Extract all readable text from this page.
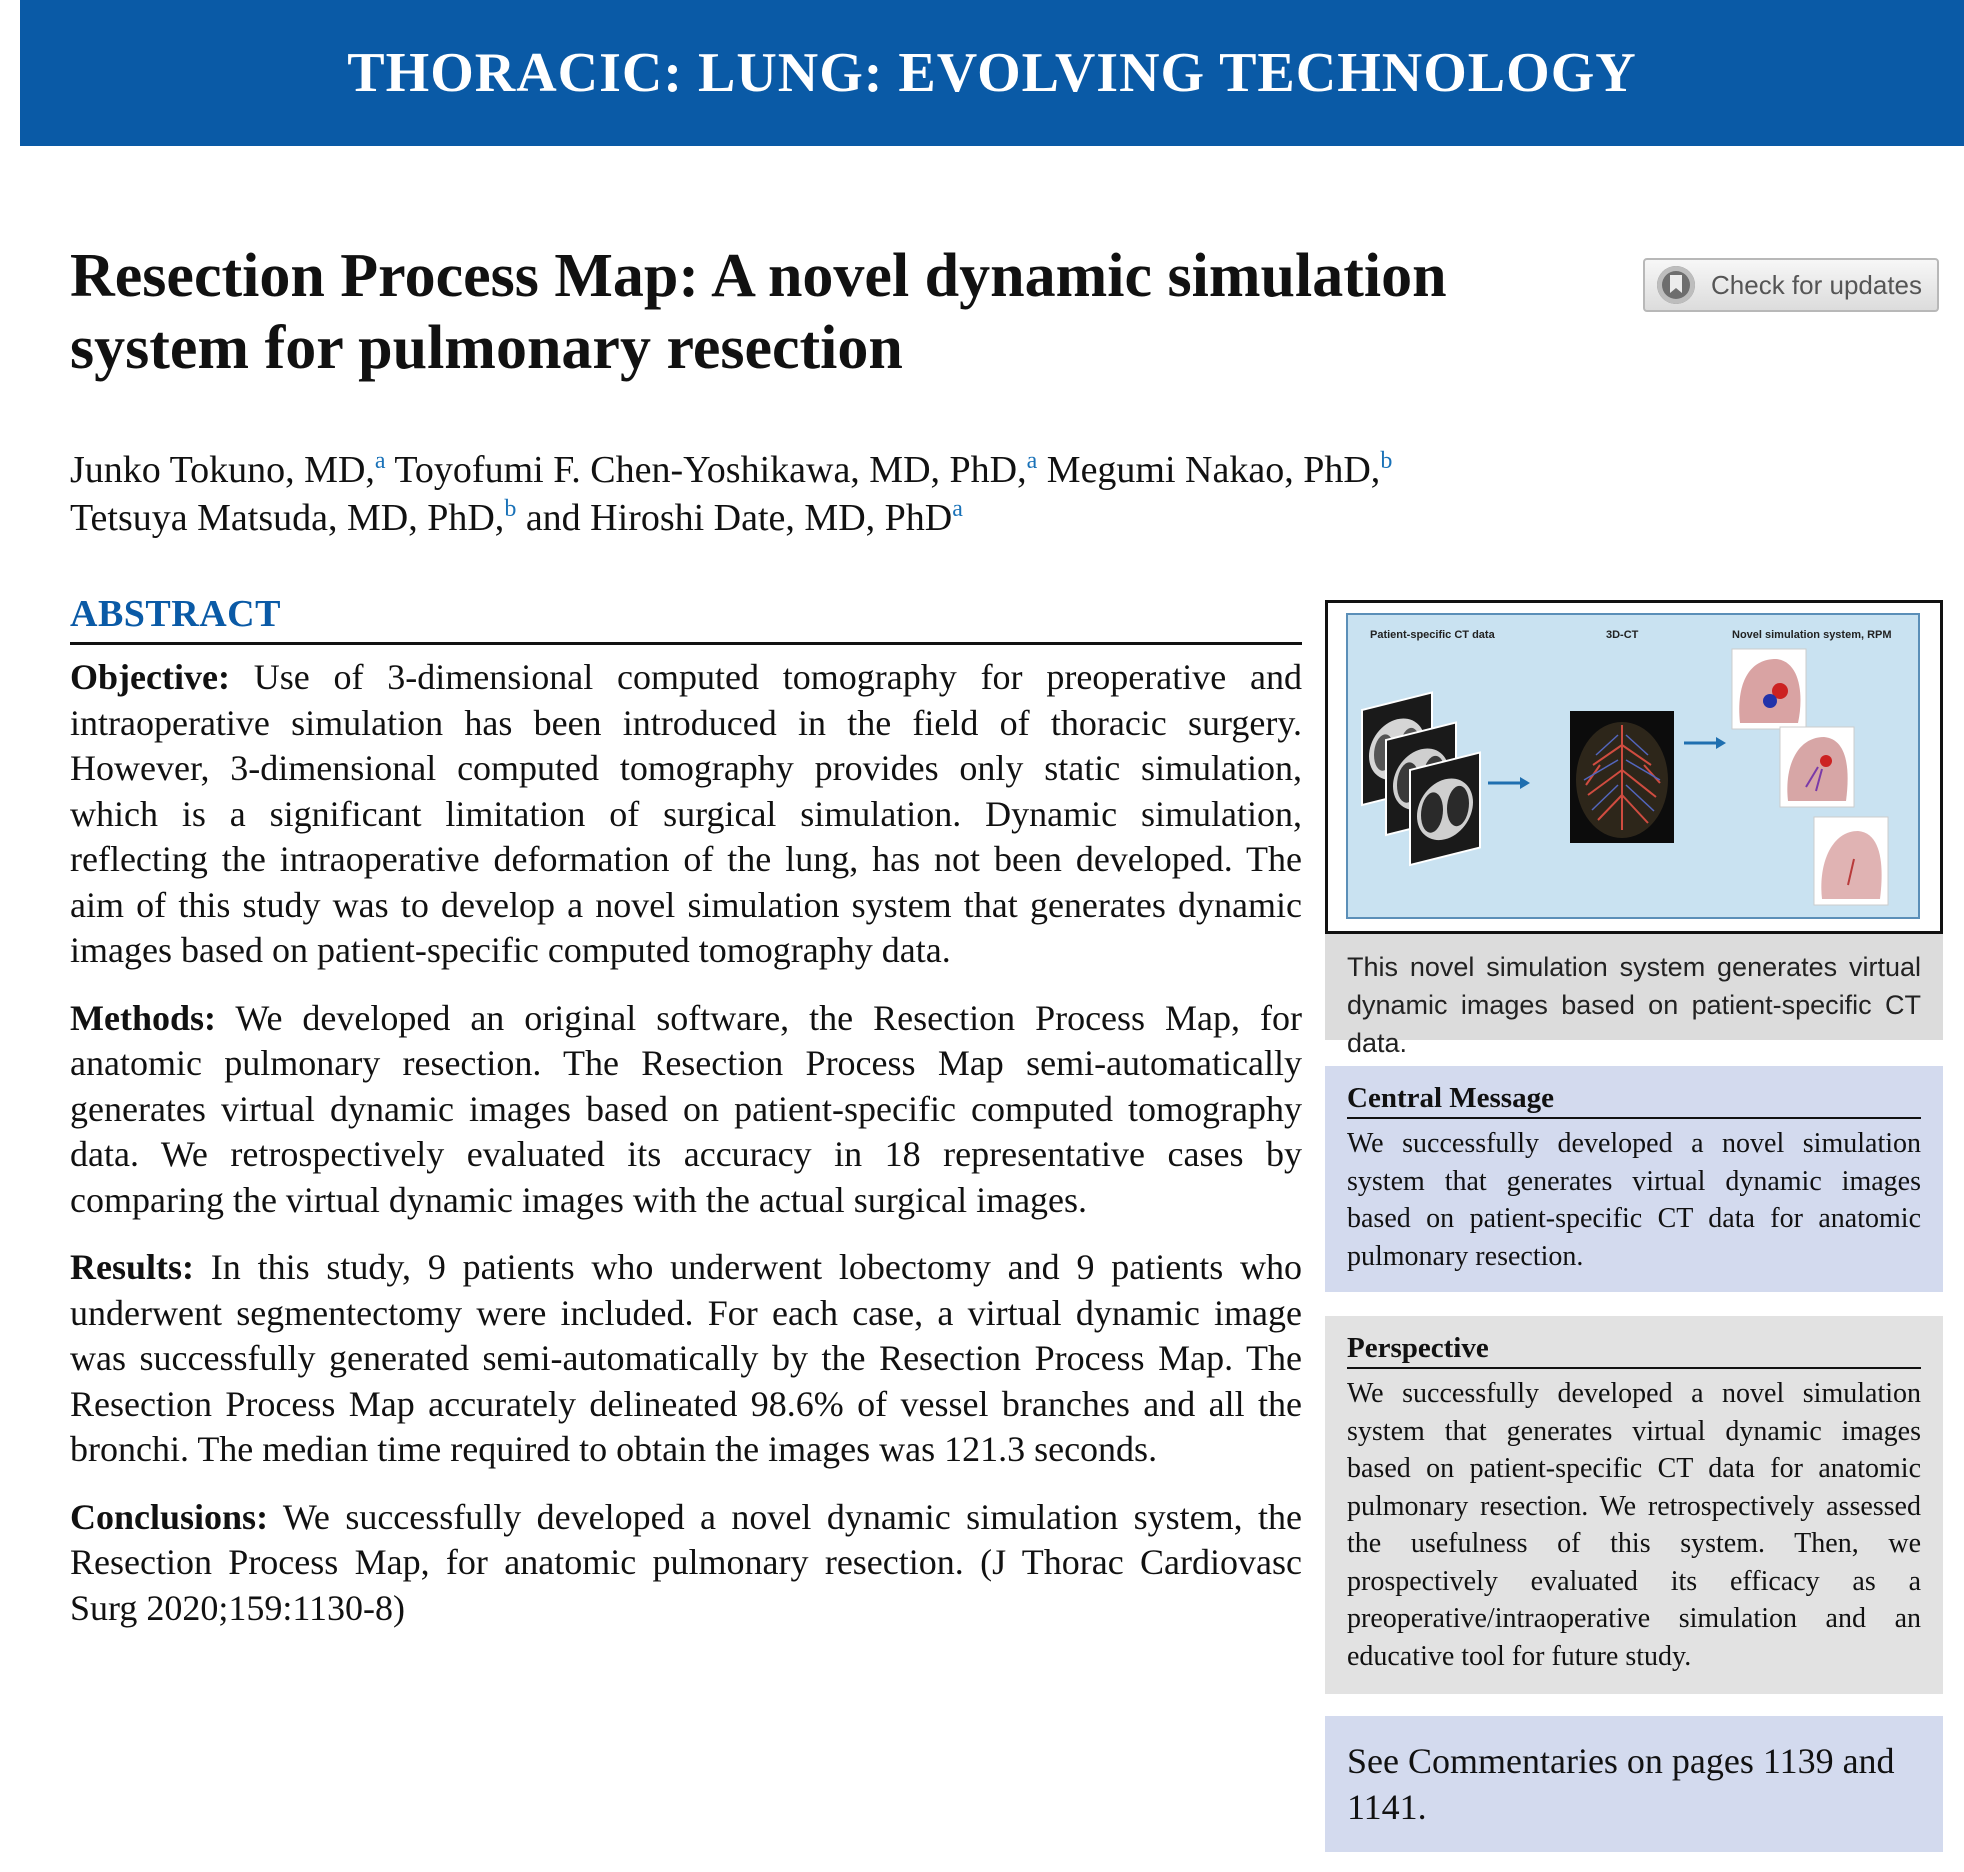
THORACIC: LUNG: EVOLVING TECHNOLOGY
Resection Process Map: A novel dynamic simulation system for pulmonary resection
Check for updates
Junko Tokuno, MD,$^a$ Toyofumi F. Chen-Yoshikawa, MD, PhD,$^a$ Megumi Nakao, PhD,$^b$
Tetsuya Matsuda, MD, PhD,$^b$ and Hiroshi Date, MD, PhD$^a$
ABSTRACT

Objective: Use of 3-dimensional computed tomography for preoperative and intraoperative simulation has been introduced in the field of thoracic surgery. However, 3-dimensional computed tomography provides only static simulation, which is a significant limitation of surgical simulation. Dynamic simulation, reflecting the intraoperative deformation of the lung, has not been developed. The aim of this study was to develop a novel simulation system that generates dynamic images based on patient-specific computed tomography data.

Methods: We developed an original software, the Resection Process Map, for anatomic pulmonary resection. The Resection Process Map semi-automatically generates virtual dynamic images based on patient-specific computed tomography data. We retrospectively evaluated its accuracy in 18 representative cases by comparing the virtual dynamic images with the actual surgical images.

Results: In this study, 9 patients who underwent lobectomy and 9 patients who underwent segmentectomy were included. For each case, a virtual dynamic image was successfully generated semi-automatically by the Resection Process Map. The Resection Process Map accurately delineated 98.6% of vessel branches and all the bronchi. The median time required to obtain the images was 121.3 seconds.

Conclusions: We successfully developed a novel dynamic simulation system, the Resection Process Map, for anatomic pulmonary resection. (J Thorac Cardiovasc Surg 2020;159:1130-8)

Patient-specific CT data	3D-CT	Novel simulation system, RPM
This novel simulation system generates virtual dynamic images based on patient-specific CT data.
Central Message
We successfully developed a novel simulation system that generates virtual dynamic images based on patient-specific CT data for anatomic pulmonary resection.
Perspective
We successfully developed a novel simulation system that generates virtual dynamic images based on patient-specific CT data for anatomic pulmonary resection. We retrospectively assessed the usefulness of this system. Then, we prospectively evaluated its efficacy as a preoperative/intraoperative simulation and an educative tool for future study.
See Commentaries on pages 1139 and 1141.
